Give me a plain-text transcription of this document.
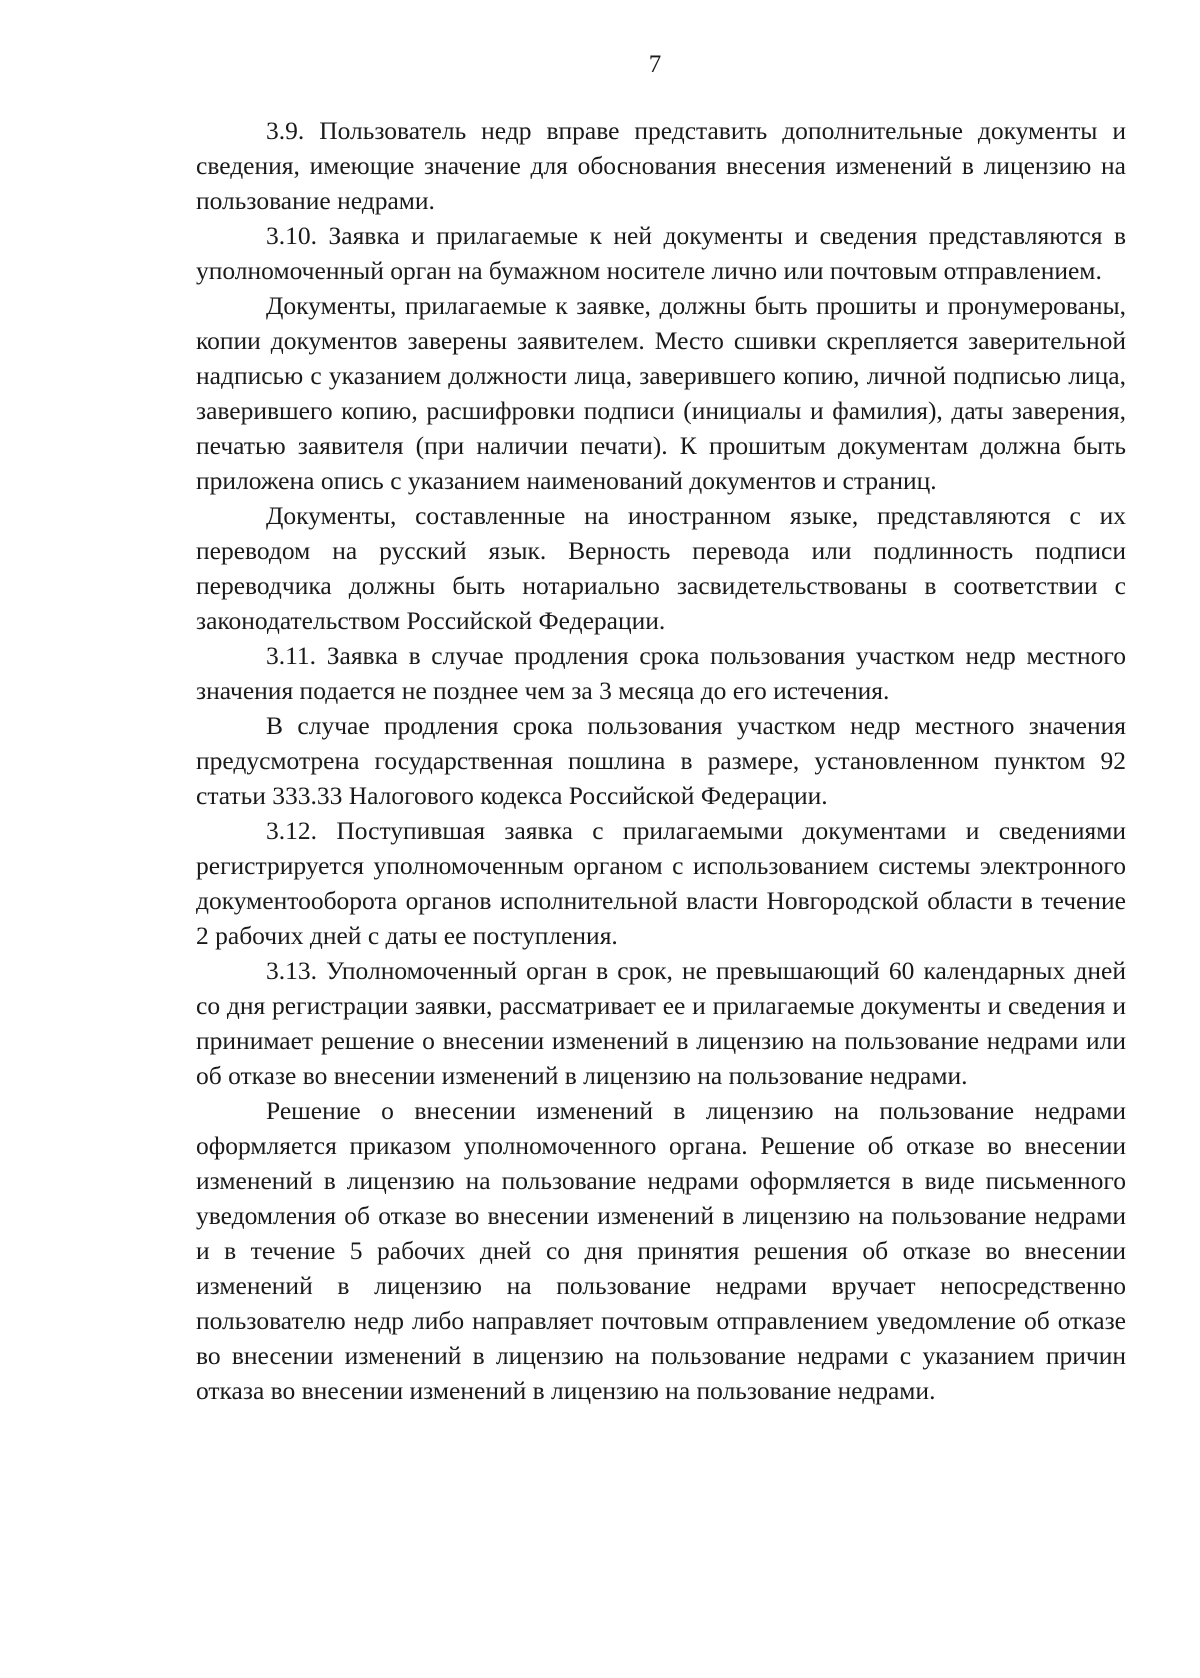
7

3.9. Пользователь недр вправе представить дополнительные документы и сведения, имеющие значение для обоснования внесения изменений в лицензию на пользование недрами.

3.10. Заявка и прилагаемые к ней документы и сведения представляются в уполномоченный орган на бумажном носителе лично или почтовым отправлением.

Документы, прилагаемые к заявке, должны быть прошиты и пронумерованы, копии документов заверены заявителем. Место сшивки скрепляется заверительной надписью с указанием должности лица, заверившего копию, личной подписью лица, заверившего копию, расшифровки подписи (инициалы и фамилия), даты заверения, печатью заявителя (при наличии печати). К прошитым документам должна быть приложена опись с указанием наименований документов и страниц.

Документы, составленные на иностранном языке, представляются с их переводом на русский язык. Верность перевода или подлинность подписи переводчика должны быть нотариально засвидетельствованы в соответствии с законодательством Российской Федерации.

3.11. Заявка в случае продления срока пользования участком недр местного значения подается не позднее чем за 3 месяца до его истечения.

В случае продления срока пользования участком недр местного значения предусмотрена государственная пошлина в размере, установленном пунктом 92 статьи 333.33 Налогового кодекса Российской Федерации.

3.12. Поступившая заявка с прилагаемыми документами и сведениями регистрируется уполномоченным органом с использованием системы электронного документооборота органов исполнительной власти Новгородской области в течение 2 рабочих дней с даты ее поступления.

3.13. Уполномоченный орган в срок, не превышающий 60 календарных дней со дня регистрации заявки, рассматривает ее и прилагаемые документы и сведения и принимает решение о внесении изменений в лицензию на пользование недрами или об отказе во внесении изменений в лицензию на пользование недрами.

Решение о внесении изменений в лицензию на пользование недрами оформляется приказом уполномоченного органа. Решение об отказе во внесении изменений в лицензию на пользование недрами оформляется в виде письменного уведомления об отказе во внесении изменений в лицензию на пользование недрами и в течение 5 рабочих дней со дня принятия решения об отказе во внесении изменений в лицензию на пользование недрами вручает непосредственно пользователю недр либо направляет почтовым отправлением уведомление об отказе во внесении изменений в лицензию на пользование недрами с указанием причин отказа во внесении изменений в лицензию на пользование недрами.
